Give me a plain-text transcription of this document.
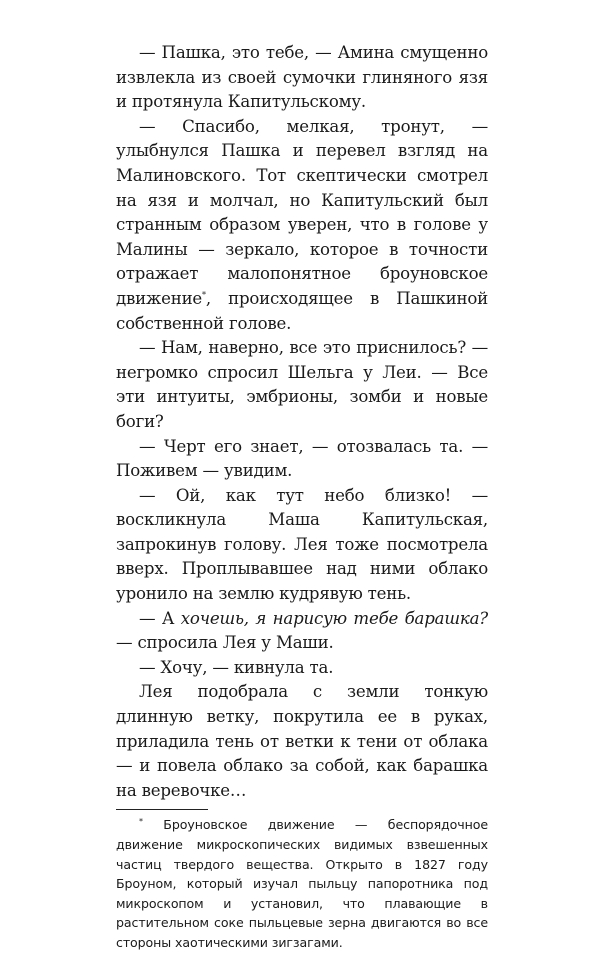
— Пашка, это тебе, — Амина смущенно извлекла из своей сумочки глиняного язя и протянула Капитульскому.

— Спасибо, мелкая, тронут, — улыбнулся Пашка и перевел взгляд на Малиновского. Тот скептически смотрел на язя и молчал, но Капитульский был странным образом уверен, что в голове у Малины — зеркало, которое в точности отражает малопонятное броуновское движение*, происходящее в Пашкиной собственной голове.

— Нам, наверно, все это приснилось? — негромко спросил Шельга у Леи. — Все эти интуиты, эмбрионы, зомби и новые боги?

— Черт его знает, — отозвалась та. — Поживем — увидим.

— Ой, как тут небо близко! — воскликнула Маша Капитульская, запрокинув голову. Лея тоже посмотрела вверх. Проплывавшее над ними облако уронило на землю кудрявую тень.

— А хочешь, я нарисую тебе барашка? — спросила Лея у Маши.

— Хочу, — кивнула та.

Лея подобрала с земли тонкую длинную ветку, покрутила ее в руках, приладила тень от ветки к тени от облака — и повела облако за собой, как барашка на веревочке…

* Броуновское движение — беспорядочное движение микроскопических видимых взвешенных частиц твердого вещества. Открыто в 1827 году Броуном, который изучал пыльцу папоротника под микроскопом и установил, что плавающие в растительном соке пыльцевые зерна двигаются во все стороны хаотическими зигзагами.
